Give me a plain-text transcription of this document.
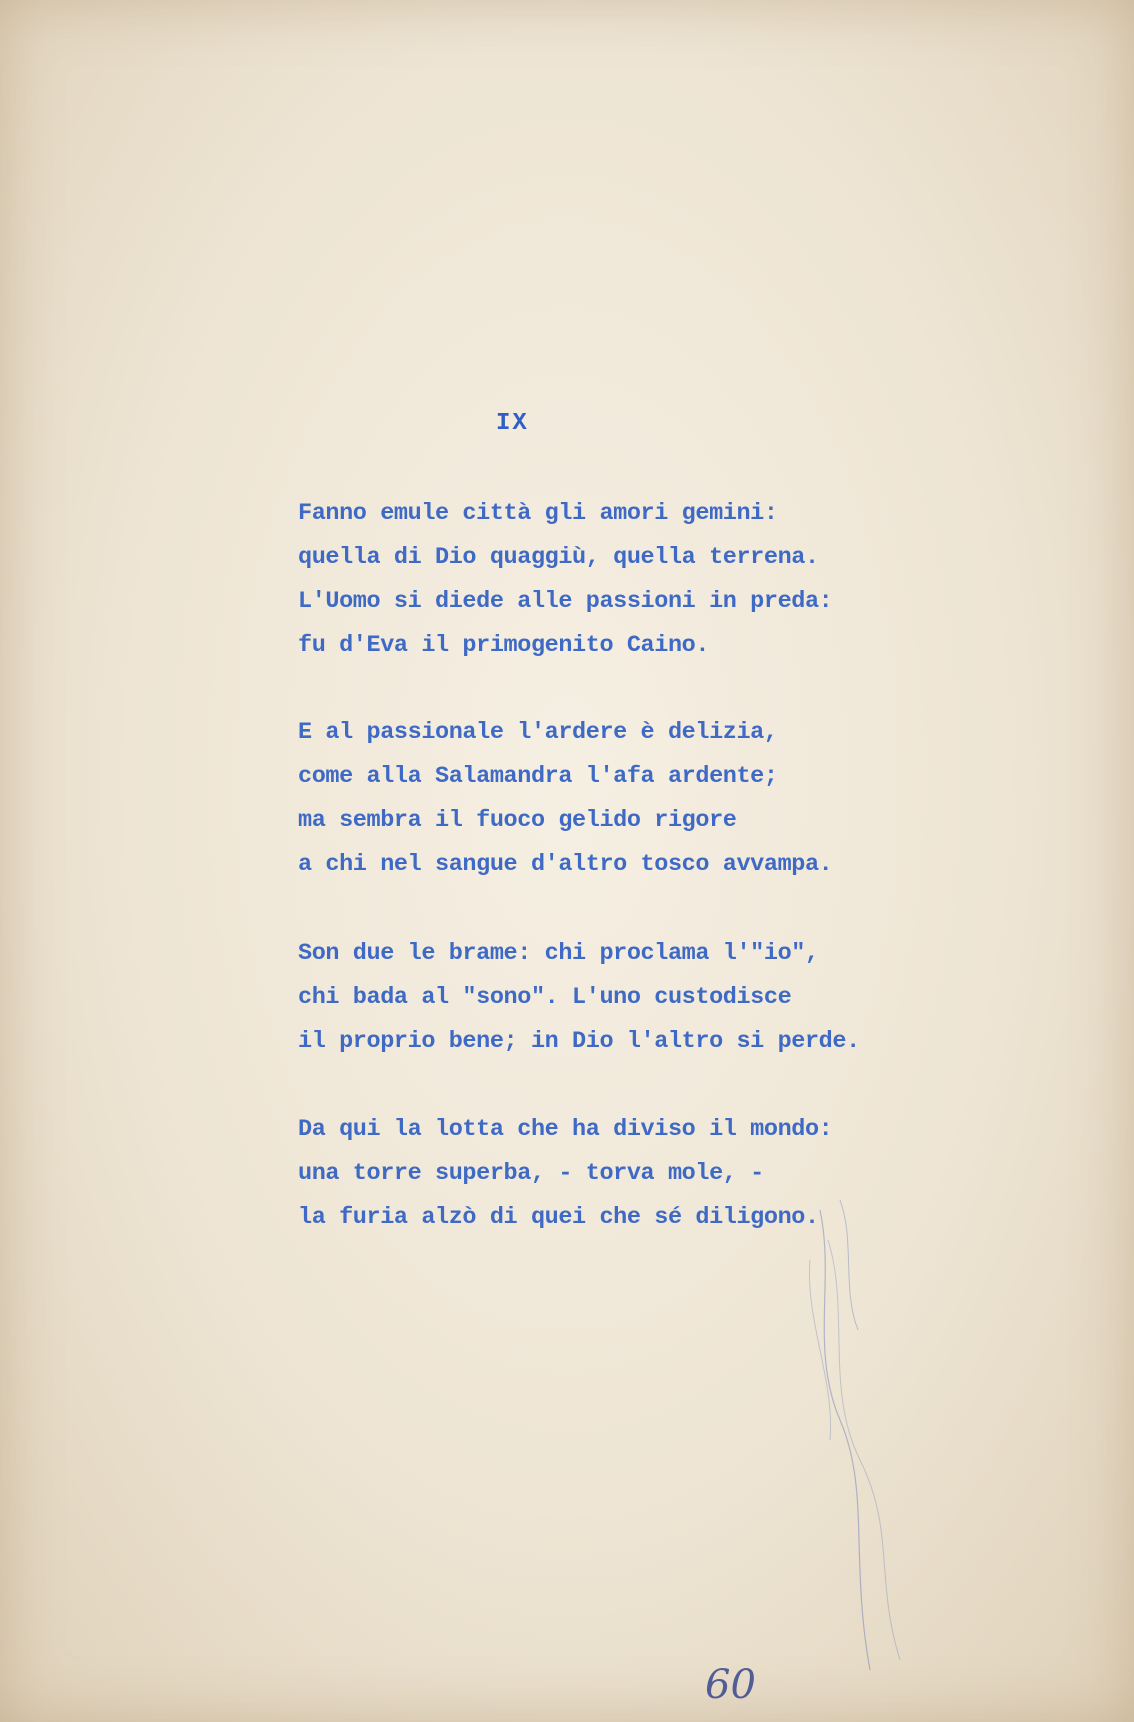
IX
Fanno emule città gli amori gemini:
quella di Dio quaggiù, quella terrena.
L'Uomo si diede alle passioni in preda:
fu d'Eva il primogenito Caino.
E al passionale l'ardere è delizia,
come alla Salamandra l'afa ardente;
ma sembra il fuoco gelido rigore
a chi nel sangue d'altro tosco avvampa.
Son due le brame: chi proclama l'"io",
chi bada al "sono". L'uno custodisce
il proprio bene; in Dio l'altro si perde.
Da qui la lotta che ha diviso il mondo:
una torre superba, - torva mole, -
la furia alzò di quei che sé diligono.
60
